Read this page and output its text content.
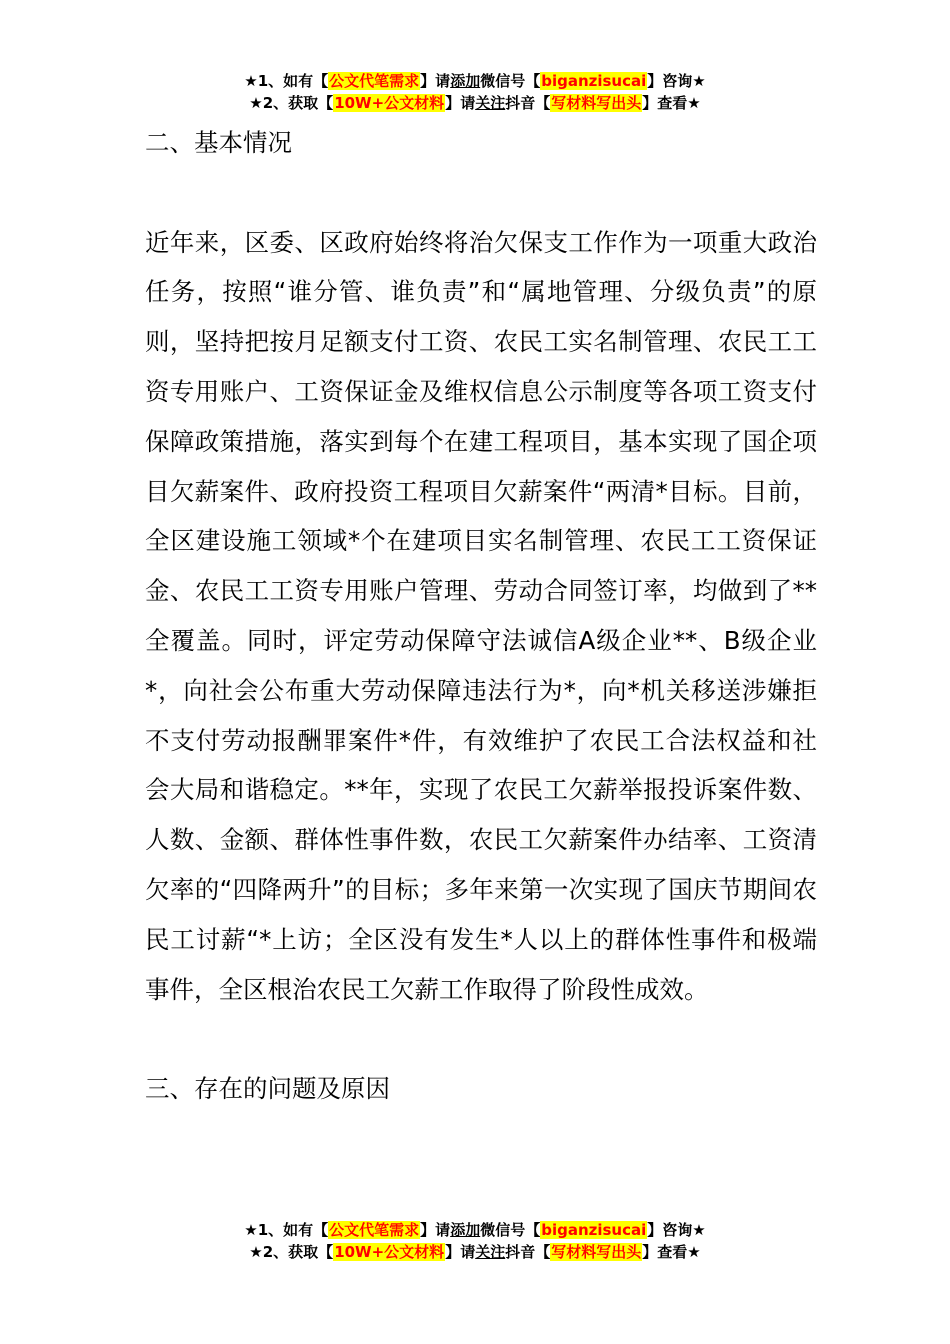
★1、如有【公文代笔需求】请添加微信号【biganzisucai】咨询★
★2、获取【10W+公文材料】请关注抖音【写材料写出头】查看★
二、基本情况

近年来，区委、区政府始终将治欠保支工作作为一项重大政治任务，按照“谁分管、谁负责”和“属地管理、分级负责”的原则，坚持把按月足额支付工资、农民工实名制管理、农民工工资专用账户、工资保证金及维权信息公示制度等各项工资支付保障政策措施，落实到每个在建工程项目，基本实现了国企项目欠薪案件、政府投资工程项目欠薪案件“两清*目标。目前，全区建设施工领域*个在建项目实名制管理、农民工工资保证金、农民工工资专用账户管理、劳动合同签订率，均做到了**全覆盖。同时，评定劳动保障守法诚信A级企业**、B级企业*，向社会公布重大劳动保障违法行为*，向*机关移送涉嫌拒不支付劳动报酬罪案件*件，有效维护了农民工合法权益和社会大局和谐稳定。**年，实现了农民工欠薪举报投诉案件数、人数、金额、群体性事件数，农民工欠薪案件办结率、工资清欠率的“四降两升”的目标；多年来第一次实现了国庆节期间农民工讨薪“*上访；全区没有发生*人以上的群体性事件和极端事件，全区根治农民工欠薪工作取得了阶段性成效。

三、存在的问题及原因
★1、如有【公文代笔需求】请添加微信号【biganzisucai】咨询★
★2、获取【10W+公文材料】请关注抖音【写材料写出头】查看★
